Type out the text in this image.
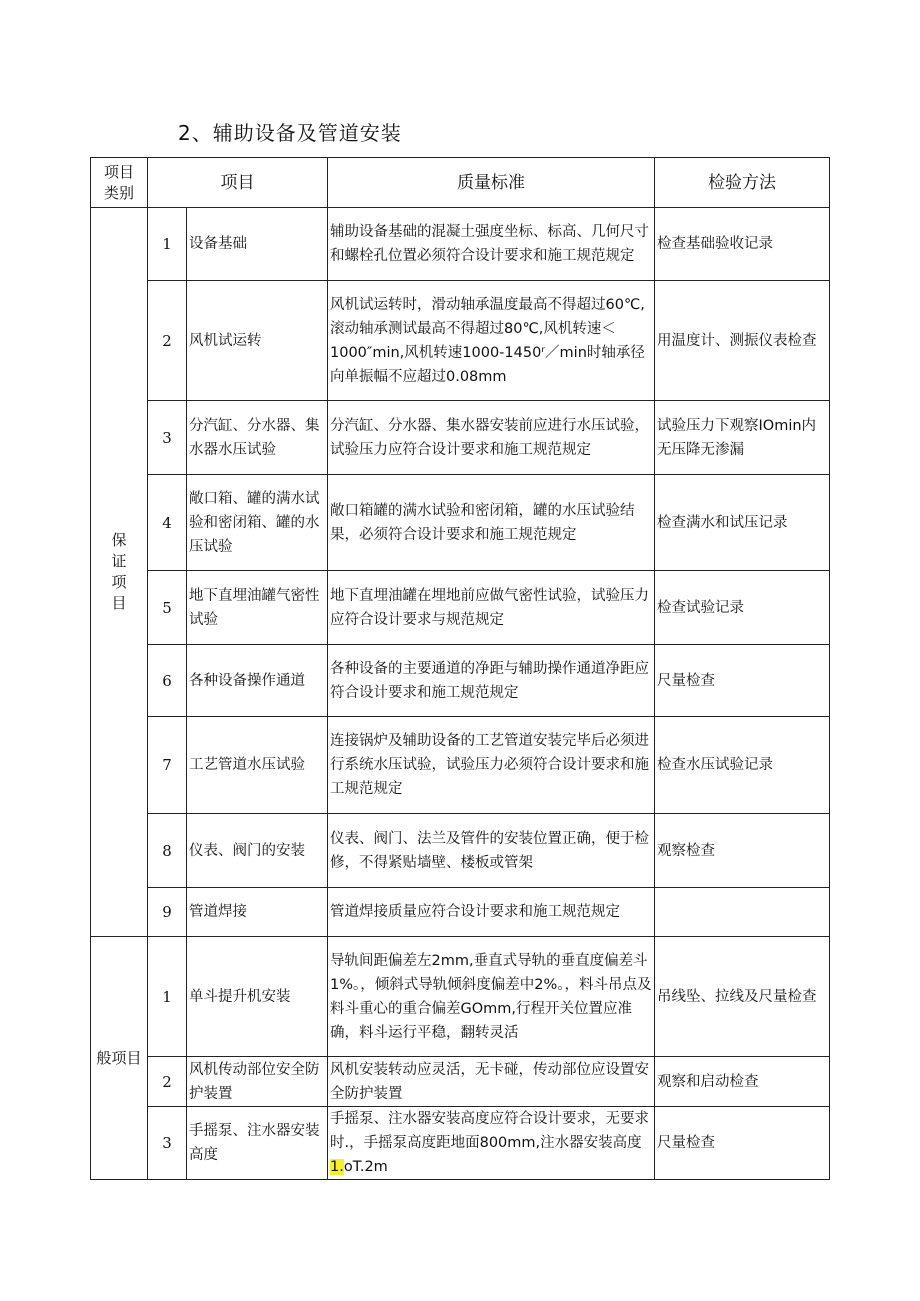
2、辅助设备及管道安装
项目类别	项目		质量标准	检验方法
保证项目	1	设备基础	辅助设备基础的混凝土强度坐标、标高、几何尺寸和螺栓孔位置必须符合设计要求和施工规范规定	检查基础验收记录
	2	风机试运转	风机试运转时，滑动轴承温度最高不得超过60℃,滚动轴承测试最高不得超过80℃,风机转速＜1000″min,风机转速1000-1450ʳ／min时轴承径向单振幅不应超过0.08mm	用温度计、测振仪表检查
	3	分汽缸、分水器、集水器水压试验	分汽缸、分水器、集水器安装前应进行水压试验，试验压力应符合设计要求和施工规范规定	试验压力下观察IOmin内无压降无渗漏
	4	敞口箱、罐的满水试验和密闭箱、罐的水压试验	敞口箱罐的满水试验和密闭箱，罐的水压试验结果，必须符合设计要求和施工规范规定	检查满水和试压记录
	5	地下直埋油罐气密性试验	地下直埋油罐在埋地前应做气密性试验，试验压力应符合设计要求与规范规定	检查试验记录
	6	各种设备操作通道	各种设备的主要通道的净距与辅助操作通道净距应符合设计要求和施工规范规定	尺量检查
	7	工艺管道水压试验	连接锅炉及辅助设备的工艺管道安装完毕后必须进行系统水压试验，试验压力必须符合设计要求和施工规范规定	检查水压试验记录
	8	仪表、阀门的安装	仪表、阀门、法兰及管件的安装位置正确，便于检修，不得紧贴墙壁、楼板或管架	观察检查
	9	管道焊接	管道焊接质量应符合设计要求和施工规范规定	
般项目	1	单斗提升机安装	导轨间距偏差左2mm,垂直式导轨的垂直度偏差斗1%。，倾斜式导轨倾斜度偏差中2%。，料斗吊点及料斗重心的重合偏差GOmm,行程开关位置应准确，料斗运行平稳，翻转灵活	吊线坠、拉线及尺量检查
	2	风机传动部位安全防护装置	风机安装转动应灵活，无卡碰，传动部位应设置安全防护装置	观察和启动检查
	3	手摇泵、注水器安装高度	手摇泵、注水器安装高度应符合设计要求，无要求时.，手摇泵高度距地面800mm,注水器安装高度1.oT.2m	尺量检查
